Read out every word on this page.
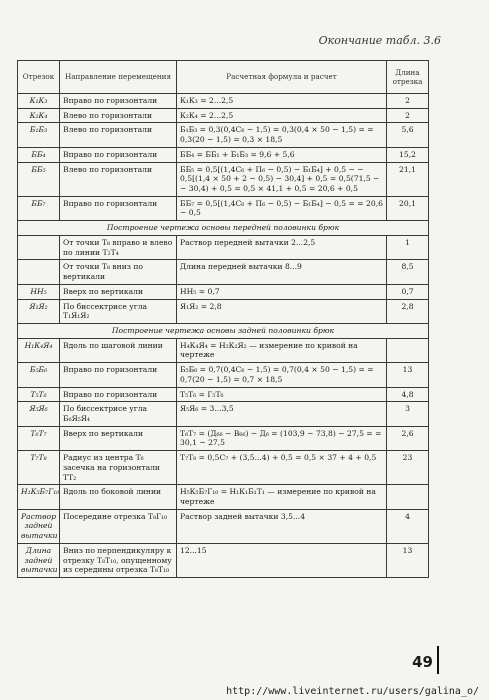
Окончание табл. 3.6
Отрезок	Направление перемещения	Расчетная формула и расчет	Длина отрезка
К₁К₃	Вправо по горизонтали	К₁К₃ = 2...2,5	2
К₂К₄	Влево по горизонтали	К₂К₄ = 2...2,5	2
Б₁Б₃	Влево по горизонтали	Б₁Б₃ = 0,3(0,4С₆ − 1,5) = 0,3(0,4 × 50 − 1,5) = = 0,3(20 − 1,5) = 0,3 × 18,5	5,6
ББ₄	Вправо по горизонтали	ББ₄ = ББ₁ + Б₁Б₃ = 9,6 + 5,6	15,2
ББ₅	Влево по горизонтали	ББ₅ = 0,5[(1,4С₆ + П₆ − 0,5) − Б₁Б₄] + 0,5 − − 0,5[(1,4 × 50 + 2 − 0,5) − 30,4] + 0,5 = 0,5(71,5 − − 30,4) + 0,5 = 0,5 × 41,1 + 0,5 = 20,6 + 0,5	21,1
ББ₇	Вправо по горизонтали	ББ₇ = 0,5[(1,4С₆ + П₆ − 0,5) − Б₁Б₄] − 0,5 = = 20,6 − 0,5	20,1
Построение чертежа основы передней половинки брюк			
	От точки Т₈ вправо и влево по линии Т₂Т₄	Раствор передней вытачки 2...2,5	1
	От точки Т₈ вниз по вертикали	Длина передней вытачки 8...9	8,5
НН₅	Вверх по вертикали	НН₅ = 0,7	0,7
Я₁Я₂	По биссектрисе угла Т₁Я₁Я₂	Я₁Я₂ = 2,8	2,8
Построение чертежа основы задней половинки брюк			
Н₁К₄Я₄	Вдоль по шаговой линии	Н₄К₄Я₄ = Н₂К₂Я₂ — измерение по кривой на чертеже	
Б₅Б₆	Вправо по горизонтали	Б₅Б₆ = 0,7(0,4С₆ − 1,5) = 0,7(0,4 × 50 − 1,5) = = 0,7(20 − 1,5) = 0,7 × 18,5	13
Т₅Т₆	Вправо по горизонтали	Т₅Т₆ = Г₅Т₆	4,8
Я₅Я₆	По биссектрисе угла Б₆Я₅Я₄	Я₅Я₆ = 3...3,5	3
Т₆Т₇	Вверх по вертикали	Т₆Т₇ = (Д₆₆ − В₆₆) − Д₆ = (103,9 − 73,8) − 27,5 = = 30,1 − 27,5	2,6
Т₇Т₈	Радиус из центра Т₆ засечка на горизонтали ТТ₂	Т₇Т₈ = 0,5С₇ + (3,5...4) + 0,5 = 0,5 × 37 + 4 + 0,5	23
Н₁К₅Б₇Г₁₀	Вдоль по боковой линии	Н₅К₅Б₇Г₁₀ = Н₁К₁Б₁Т₁ — измерение по кривой на чертеже	
Раствор задней вытачки	Посередине отрезка Т₈Г₁₀	Раствор задней вытачки 3,5...4	4
Длина задней вытачки	Вниз по перпендикуляру к отрезку Т₈Т₁₀, опущенному из середины отрезка Т₈Т₁₀	12...15	13
49
http://www.liveinternet.ru/users/galina_o/
